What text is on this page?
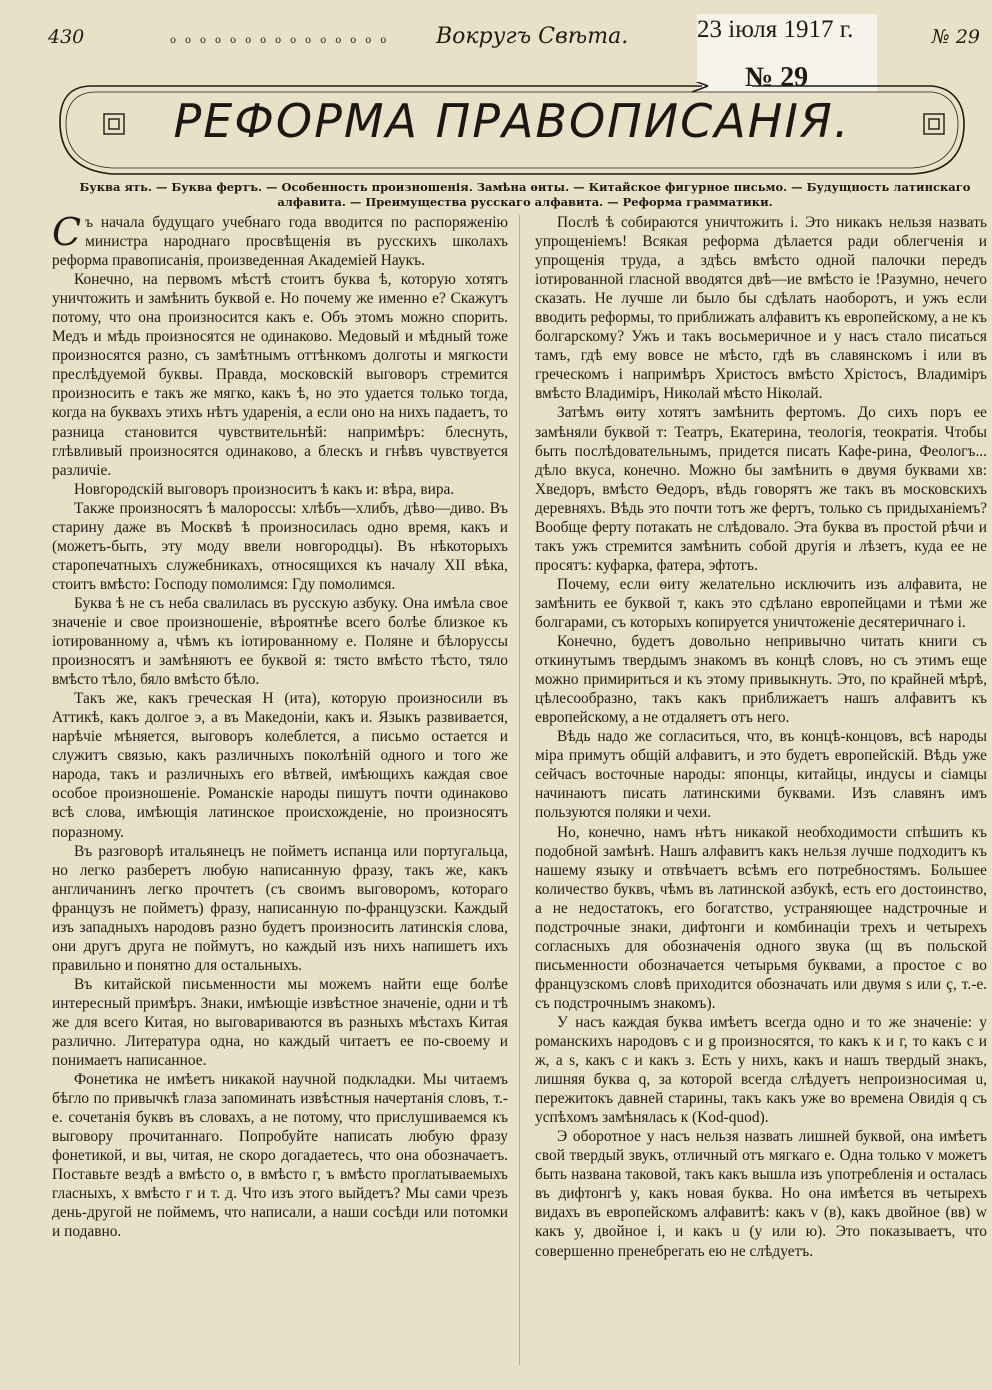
430	ооооооооооооооо Вокругъ Свѣта.	№ 29
23 іюля 1917 г.
№ 29
РЕФОРМА ПРАВОПИСАНІЯ.
Буква ять. — Буква фертъ. — Особенность произношенія. Замѣна ѳиты. — Китайское фигурное письмо. — Будущность латинскаго алфавита. — Преимущества русскаго алфавита. — Реформа грамматики.

Съ начала будущаго учебнаго года вводится по распоряженію министра народнаго просвѣщенія въ русскихъ школахъ реформа правописанія, произведенная Академіей Наукъ.

Конечно, на первомъ мѣстѣ стоитъ буква ѣ, которую хотятъ уничтожить и замѣнить буквой е. Но почему же именно е? Скажутъ потому, что она произносится какъ е. Объ этомъ можно спорить. Медъ и мѣдь произносятся не одинаково. Медовый и мѣдный тоже произносятся разно, съ замѣтнымъ оттѣнкомъ долготы и мягкости преслѣдуемой буквы. Правда, московскій выговоръ стремится произносить е такъ же мягко, какъ ѣ, но это удается только тогда, когда на буквахъ этихъ нѣтъ ударенія, а если оно на нихъ падаетъ, то разница становится чувствительнѣй: напримѣръ: блеснуть, глѣвливый произносятся одинаково, а блескъ и гнѣвъ чувствуется различіе.

Новгородскій выговоръ произноситъ ѣ какъ и: вѣра, вира.

Также произносятъ ѣ малороссы: хлѣбъ—хлибъ, дѣво—диво. Въ старину даже въ Москвѣ ѣ произносилась одно время, какъ и (можетъ-быть, эту моду ввели новгородцы). Въ нѣкоторыхъ старопечатныхъ служебникахъ, относящихся къ началу XII вѣка, стоитъ вмѣсто: Господу помолимся: Гду помолимся.

Буква ѣ не съ неба свалилась въ русскую азбуку. Она имѣла свое значеніе и свое произношеніе, вѣроятнѣе всего болѣе близкое къ іотированному а, чѣмъ къ іотированному е. Поляне и бѣлоруссы произносятъ и замѣняютъ ее буквой я: тясто вмѣсто тѣсто, тяло вмѣсто тѣло, бяло вмѣсто бѣло.

Такъ же, какъ греческая Н (ита), которую произносили въ Аттикѣ, какъ долгое э, а въ Македоніи, какъ и. Языкъ развивается, нарѣчіе мѣняется, выговоръ колеблется, а письмо остается и служитъ связью, какъ различныхъ поколѣній одного и того же народа, такъ и различныхъ его вѣтвей, имѣющихъ каждая свое особое произношеніе. Романскіе народы пишутъ почти одинаково всѣ слова, имѣющія латинское происхожденіе, но произносятъ поразному.

Въ разговорѣ итальянецъ не пойметъ испанца или португальца, но легко разберетъ любую написанную фразу, такъ же, какъ англичанинъ легко прочтетъ (съ своимъ выговоромъ, котораго французъ не пойметъ) фразу, написанную по-французски. Каждый изъ западныхъ народовъ разно будетъ произносить латинскія слова, они другъ друга не поймутъ, но каждый изъ нихъ напишетъ ихъ правильно и понятно для остальныхъ.

Въ китайской письменности мы можемъ найти еще болѣе интересный примѣръ. Знаки, имѣющіе извѣстное значеніе, одни и тѣ же для всего Китая, но выговариваются въ разныхъ мѣстахъ Китая различно. Литература одна, но каждый читаетъ ее по-своему и понимаетъ написанное.

Фонетика не имѣетъ никакой научной подкладки. Мы читаемъ бѣгло по привычкѣ глаза запоминать извѣстныя начертанія словъ, т.-е. сочетанія буквъ въ словахъ, а не потому, что прислушиваемся къ выговору прочитаннаго. Попробуйте написать любую фразу фонетикой, и вы, читая, не скоро догадаетесь, что она обозначаетъ. Поставьте вездѣ а вмѣсто о, в вмѣсто г, ъ вмѣсто проглатываемыхъ гласныхъ, х вмѣсто г и т. д. Что изъ этого выйдетъ? Мы сами чрезъ день-другой не поймемъ, что написали, а наши сосѣди или потомки и подавно.

Послѣ ѣ собираются уничтожить і. Это никакъ нельзя назвать упрощеніемъ! Всякая реформа дѣлается ради облегченія и упрощенія труда, а здѣсь вмѣсто одной палочки передъ іотированной гласной вводятся двѣ—ие вмѣсто іе !Разумно, нечего сказать. Не лучше ли было бы сдѣлать наоборотъ, и ужъ если вводить реформы, то приближать алфавитъ къ европейскому, а не къ болгарскому? Ужъ и такъ восьмеричное и у насъ стало писаться тамъ, гдѣ ему вовсе не мѣсто, гдѣ въ славянскомъ і или въ греческомъ і напримѣръ Христосъ вмѣсто Хрістосъ, Владиміръ вмѣсто Владиміръ, Николай мѣсто Ніколай.

Затѣмъ ѳиту хотятъ замѣнить фертомъ. До сихъ поръ ее замѣняли буквой т: Театръ, Екатерина, теологія, теократія. Чтобы быть послѣдовательнымъ, придется писать Кафе-рина, Феологъ... дѣло вкуса, конечно. Можно бы замѣнить ѳ двумя буквами хв: Хведоръ, вмѣсто Ѳедоръ, вѣдь говорятъ же такъ въ московскихъ деревняхъ. Вѣдь это почти тотъ же фертъ, только съ придыханіемъ? Вообще ферту потакать не слѣдовало. Эта буква въ простой рѣчи и такъ ужъ стремится замѣнить собой другія и лѣзетъ, куда ее не просятъ: куфарка, фатера, эфтотъ.

Почему, если ѳиту желательно исключить изъ алфавита, не замѣнить ее буквой т, какъ это сдѣлано европейцами и тѣми же болгарами, съ которыхъ копируется уничтоженіе десятеричнаго і.

Конечно, будетъ довольно непривычно читать книги съ откинутымъ твердымъ знакомъ въ концѣ словъ, но съ этимъ еще можно примириться и къ этому привыкнуть. Это, по крайней мѣрѣ, цѣлесообразно, такъ какъ приближаетъ нашъ алфавитъ къ европейскому, а не отдаляетъ отъ него.

Вѣдь надо же согласиться, что, въ концѣ-концовъ, всѣ народы міра примутъ общій алфавитъ, и это будетъ европейскій. Вѣдь уже сейчасъ восточные народы: японцы, китайцы, индусы и сіамцы начинаютъ писать латинскими буквами. Изъ славянъ имъ пользуются поляки и чехи.

Но, конечно, намъ нѣтъ никакой необходимости спѣшить къ подобной замѣнѣ. Нашъ алфавитъ какъ нельзя лучше подходитъ къ нашему языку и отвѣчаетъ всѣмъ его потребностямъ. Большее количество буквъ, чѣмъ въ латинской азбукѣ, есть его достоинство, а не недостатокъ, его богатство, устраняющее надстрочные и подстрочные знаки, дифтонги и комбинаціи трехъ и четырехъ согласныхъ для обозначенія одного звука (щ въ польской письменности обозначается четырьмя буквами, а простое с во французскомъ словѣ приходится обозначать или двумя s или ç, т.-е. съ подстрочнымъ знакомъ).

У насъ каждая буква имѣетъ всегда одно и то же значеніе: у романскихъ народовъ с и g произносятся, то какъ к и г, то какъ с и ж, а s, какъ с и какъ з. Есть у нихъ, какъ и нашъ твердый знакъ, лишняя буква q, за которой всегда слѣдуетъ непроизносимая u, пережитокъ давней старины, такъ какъ уже во времена Овидія q съ успѣхомъ замѣнялась к (Kod-quod).

Э оборотное у насъ нельзя назвать лишней буквой, она имѣетъ свой твердый звукъ, отличный отъ мягкаго е. Одна только v можетъ быть названа таковой, такъ какъ вышла изъ употребленія и осталась въ дифтонгѣ у, какъ новая буква. Но она имѣется въ четырехъ видахъ въ европейскомъ алфавитѣ: какъ v (в), какъ двойное (вв) w какъ у, двойное і, и какъ u (у или ю). Это показываетъ, что совершенно пренебрегать ею не слѣдуетъ.
